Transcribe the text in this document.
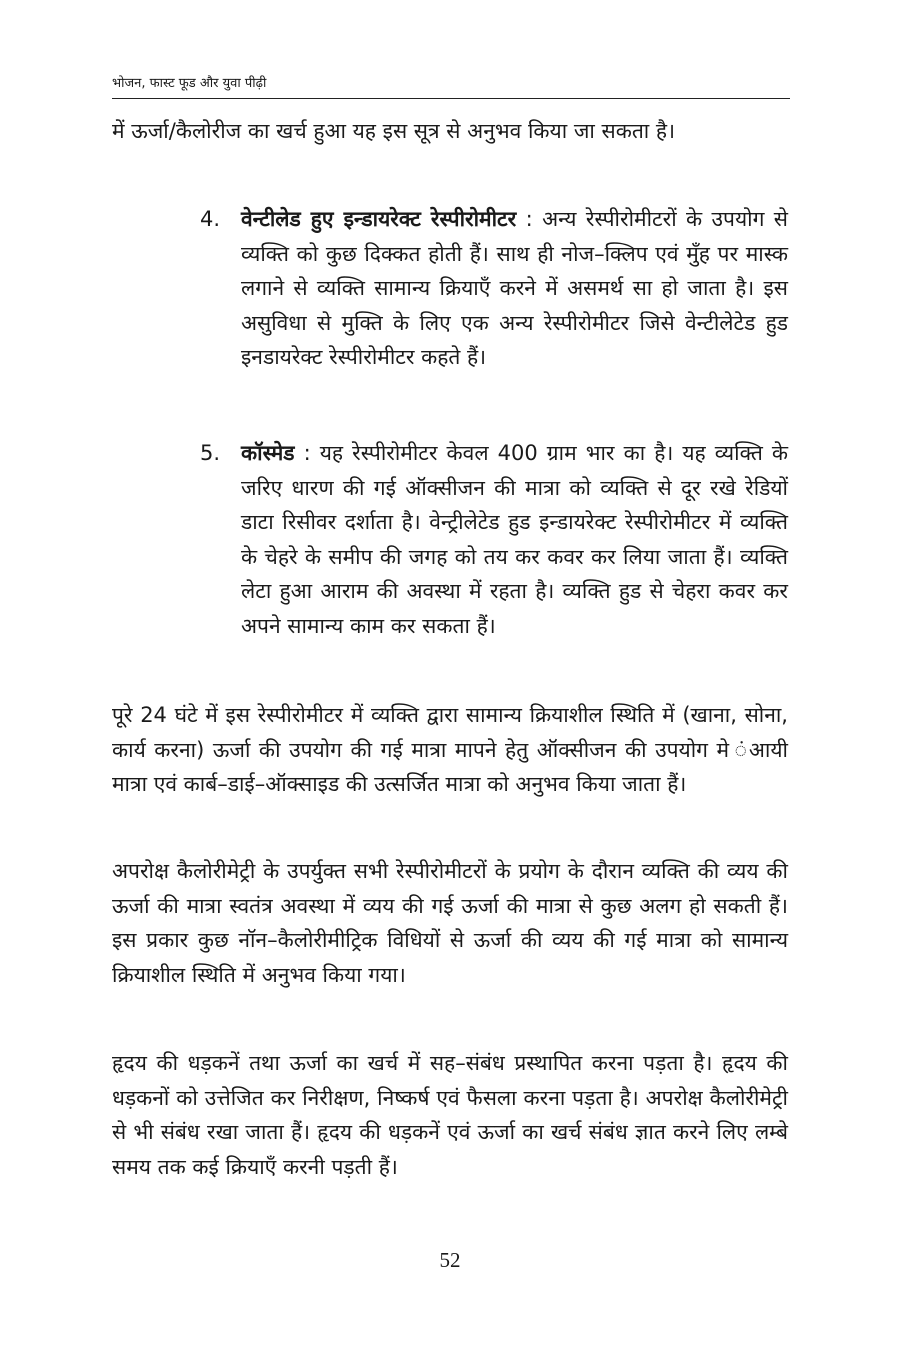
भोजन, फास्ट फूड और युवा पीढ़ी

में ऊर्जा/कैलोरीज का खर्च हुआ यह इस सूत्र से अनुभव किया जा सकता है।

4. वेन्टीलेड हुए इन्डायरेक्ट रेस्पीरोमीटर : अन्य रेस्पीरोमीटरों के उपयोग से व्यक्ति को कुछ दिक्कत होती हैं। साथ ही नोज–क्लिप एवं मुँह पर मास्क लगाने से व्यक्ति सामान्य क्रियाएँ करने में असमर्थ सा हो जाता है। इस असुविधा से मुक्ति के लिए एक अन्य रेस्पीरोमीटर जिसे वेन्टीलेटेड हुड इनडायरेक्ट रेस्पीरोमीटर कहते हैं।
5. कॉस्मेड : यह रेस्पीरोमीटर केवल 400 ग्राम भार का है। यह व्यक्ति के जरिए धारण की गई ऑक्सीजन की मात्रा को व्यक्ति से दूर रखे रेडियों डाटा रिसीवर दर्शाता है। वेन्ट्रीलेटेड हुड इन्डायरेक्ट रेस्पीरोमीटर में व्यक्ति के चेहरे के समीप की जगह को तय कर कवर कर लिया जाता हैं। व्यक्ति लेटा हुआ आराम की अवस्था में रहता है। व्यक्ति हुड से चेहरा कवर कर अपने सामान्य काम कर सकता हैं।

पूरे 24 घंटे में इस रेस्पीरोमीटर में व्यक्ति द्वारा सामान्य क्रियाशील स्थिति में (खाना, सोना, कार्य करना) ऊर्जा की उपयोग की गई मात्रा मापने हेतु ऑक्सीजन की उपयोग मे ंआयी मात्रा एवं कार्ब–डाई–ऑक्साइड की उत्सर्जित मात्रा को अनुभव किया जाता हैं।

अपरोक्ष कैलोरीमेट्री के उपर्युक्त सभी रेस्पीरोमीटरों के प्रयोग के दौरान व्यक्ति की व्यय की ऊर्जा की मात्रा स्वतंत्र अवस्था में व्यय की गई ऊर्जा की मात्रा से कुछ अलग हो सकती हैं। इस प्रकार कुछ नॉन–कैलोरीमीट्रिक विधियों से ऊर्जा की व्यय की गई मात्रा को सामान्य क्रियाशील स्थिति में अनुभव किया गया।

हृदय की धड़कनें तथा ऊर्जा का खर्च में सह–संबंध प्रस्थापित करना पड़ता है। हृदय की धड़कनों को उत्तेजित कर निरीक्षण, निष्कर्ष एवं फैसला करना पड़ता है। अपरोक्ष कैलोरीमेट्री से भी संबंध रखा जाता हैं। हृदय की धड़कनें एवं ऊर्जा का खर्च संबंध ज्ञात करने लिए लम्बे समय तक कई क्रियाएँ करनी पड़ती हैं।

52
